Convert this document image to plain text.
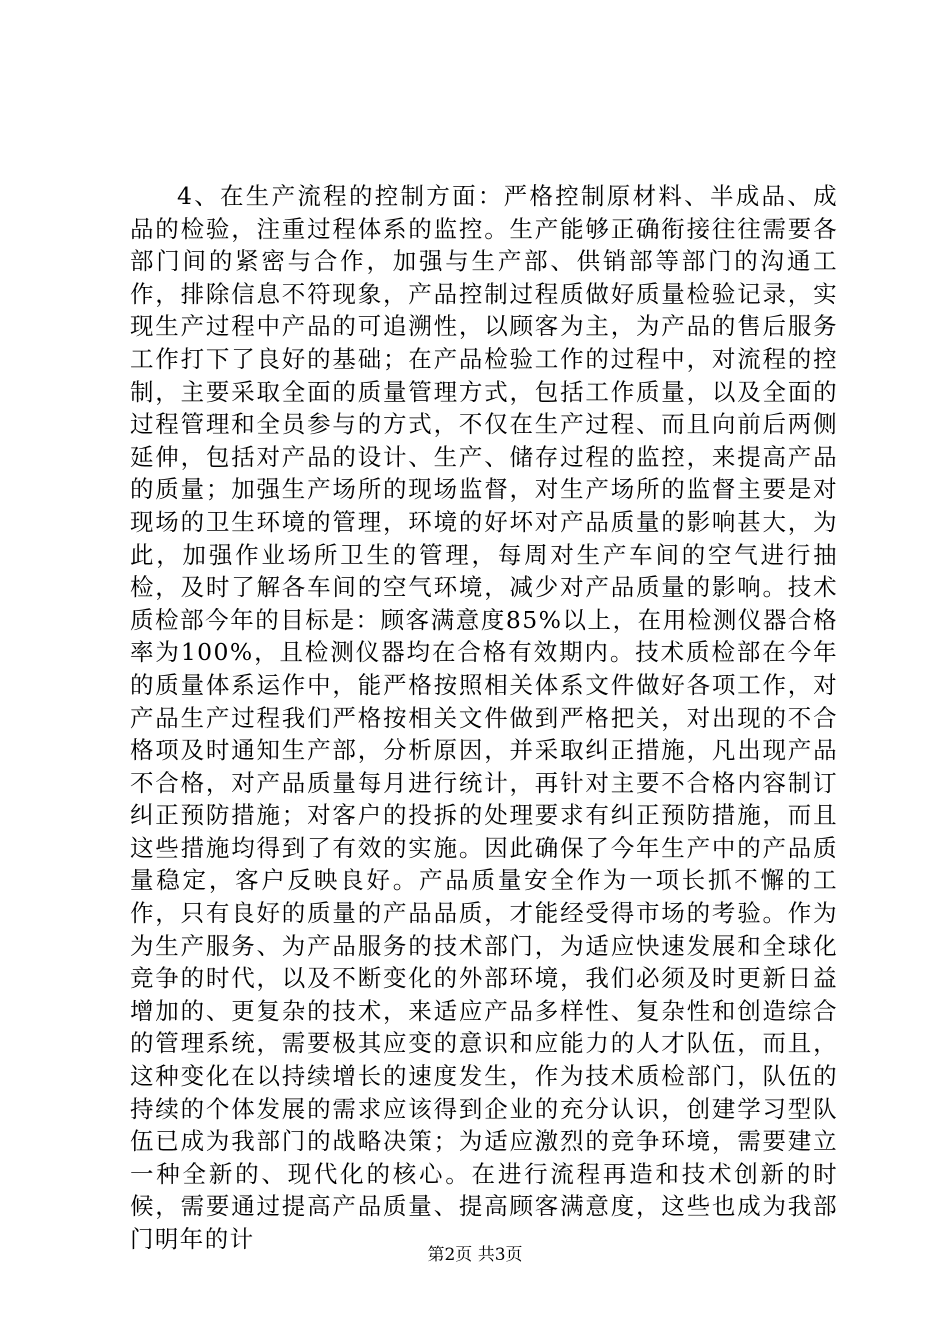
4、在生产流程的控制方面：严格控制原材料、半成品、成品的检验，注重过程体系的监控。生产能够正确衔接往往需要各部门间的紧密与合作，加强与生产部、供销部等部门的沟通工作，排除信息不符现象，产品控制过程质做好质量检验记录，实现生产过程中产品的可追溯性，以顾客为主，为产品的售后服务工作打下了良好的基础；在产品检验工作的过程中，对流程的控制，主要采取全面的质量管理方式，包括工作质量，以及全面的过程管理和全员参与的方式，不仅在生产过程、而且向前后两侧延伸，包括对产品的设计、生产、储存过程的监控，来提高产品的质量；加强生产场所的现场监督，对生产场所的监督主要是对现场的卫生环境的管理，环境的好坏对产品质量的影响甚大，为此，加强作业场所卫生的管理，每周对生产车间的空气进行抽检，及时了解各车间的空气环境，减少对产品质量的影响。技术质检部今年的目标是：顾客满意度85%以上，在用检测仪器合格率为100%，且检测仪器均在合格有效期内。技术质检部在今年的质量体系运作中，能严格按照相关体系文件做好各项工作，对产品生产过程我们严格按相关文件做到严格把关，对出现的不合格项及时通知生产部，分析原因，并采取纠正措施，凡出现产品不合格，对产品质量每月进行统计，再针对主要不合格内容制订纠正预防措施；对客户的投拆的处理要求有纠正预防措施，而且这些措施均得到了有效的实施。因此确保了今年生产中的产品质量稳定，客户反映良好。产品质量安全作为一项长抓不懈的工作，只有良好的质量的产品品质，才能经受得市场的考验。作为为生产服务、为产品服务的技术部门，为适应快速发展和全球化竞争的时代，以及不断变化的外部环境，我们必须及时更新日益增加的、更复杂的技术，来适应产品多样性、复杂性和创造综合的管理系统，需要极其应变的意识和应能力的人才队伍，而且，这种变化在以持续增长的速度发生，作为技术质检部门，队伍的持续的个体发展的需求应该得到企业的充分认识，创建学习型队伍已成为我部门的战略决策；为适应激烈的竞争环境，需要建立一种全新的、现代化的核心。在进行流程再造和技术创新的时候，需要通过提高产品质量、提高顾客满意度，这些也成为我部门明年的计

第2页 共3页
